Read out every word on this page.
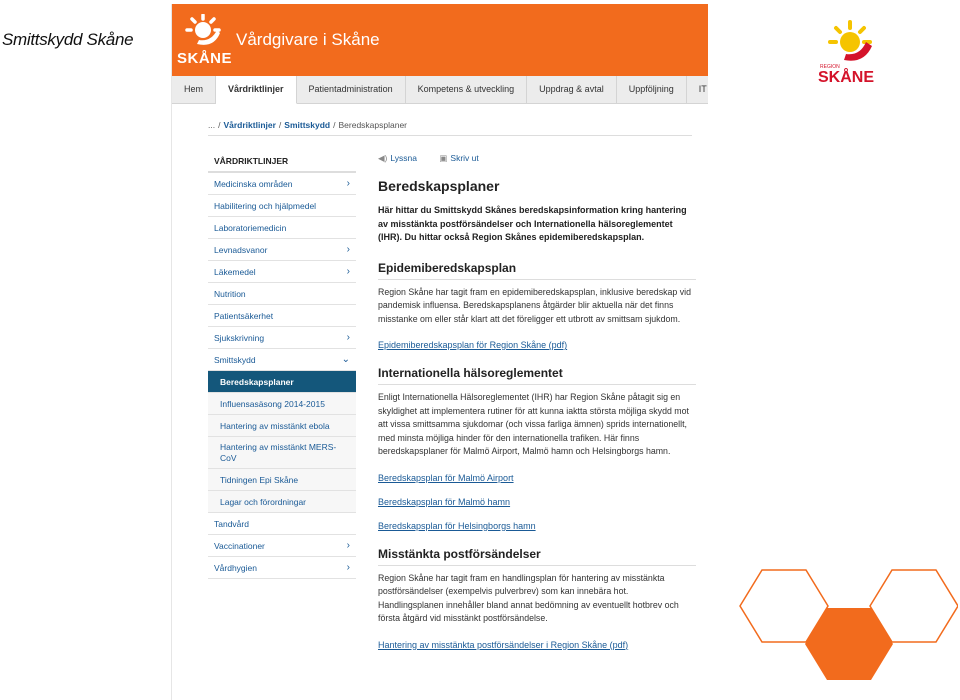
Smittskydd Skåne
REGION
SKÅNE
SKÅNE
Vårdgivare i Skåne
Hem	Vårdriktlinjer	Patientadministration	Kompetens & utveckling	Uppdrag & avtal	Uppföljning	IT
... / Vårdriktlinjer / Smittskydd / Beredskapsplaner
VÅRDRIKTLINJER
Medicinska områden	›
Habilitering och hjälpmedel
Laboratoriemedicin
Levnadsvanor	›
Läkemedel	›
Nutrition
Patientsäkerhet
Sjukskrivning	›
Smittskydd	⌄
Beredskapsplaner
Influensasäsong 2014-2015
Hantering av misstänkt ebola
Hantering av misstänkt MERS-CoV
Tidningen Epi Skåne
Lagar och förordningar
Tandvård
Vaccinationer	›
Vårdhygien	›
◀) Lyssna	▣ Skriv ut
Beredskapsplaner
Här hittar du Smittskydd Skånes beredskapsinformation kring hantering av misstänkta postförsändelser och Internationella hälsoreglementet (IHR). Du hittar också Region Skånes epidemiberedskapsplan.
Epidemiberedskapsplan
Region Skåne har tagit fram en epidemiberedskapsplan, inklusive beredskap vid pandemisk influensa. Beredskapsplanens åtgärder blir aktuella när det finns misstanke om eller står klart att det föreligger ett utbrott av smittsam sjukdom.
Epidemiberedskapsplan för Region Skåne (pdf)
Internationella hälsoreglementet
Enligt Internationella Hälsoreglementet (IHR) har Region Skåne påtagit sig en skyldighet att implementera rutiner för att kunna iaktta största möjliga skydd mot att vissa smittsamma sjukdomar (och vissa farliga ämnen) sprids internationellt, med minsta möjliga hinder för den internationella trafiken. Här finns beredskapsplaner för Malmö Airport, Malmö hamn och Helsingborgs hamn.
Beredskapsplan för Malmö Airport
Beredskapsplan för Malmö hamn
Beredskapsplan för Helsingborgs hamn
Misstänkta postförsändelser
Region Skåne har tagit fram en handlingsplan för hantering av misstänkta postförsändelser (exempelvis pulverbrev) som kan innebära hot. Handlingsplanen innehåller bland annat bedömning av eventuellt hotbrev och första åtgärd vid misstänkt postförsändelse.
Hantering av misstänkta postförsändelser i Region Skåne (pdf)
